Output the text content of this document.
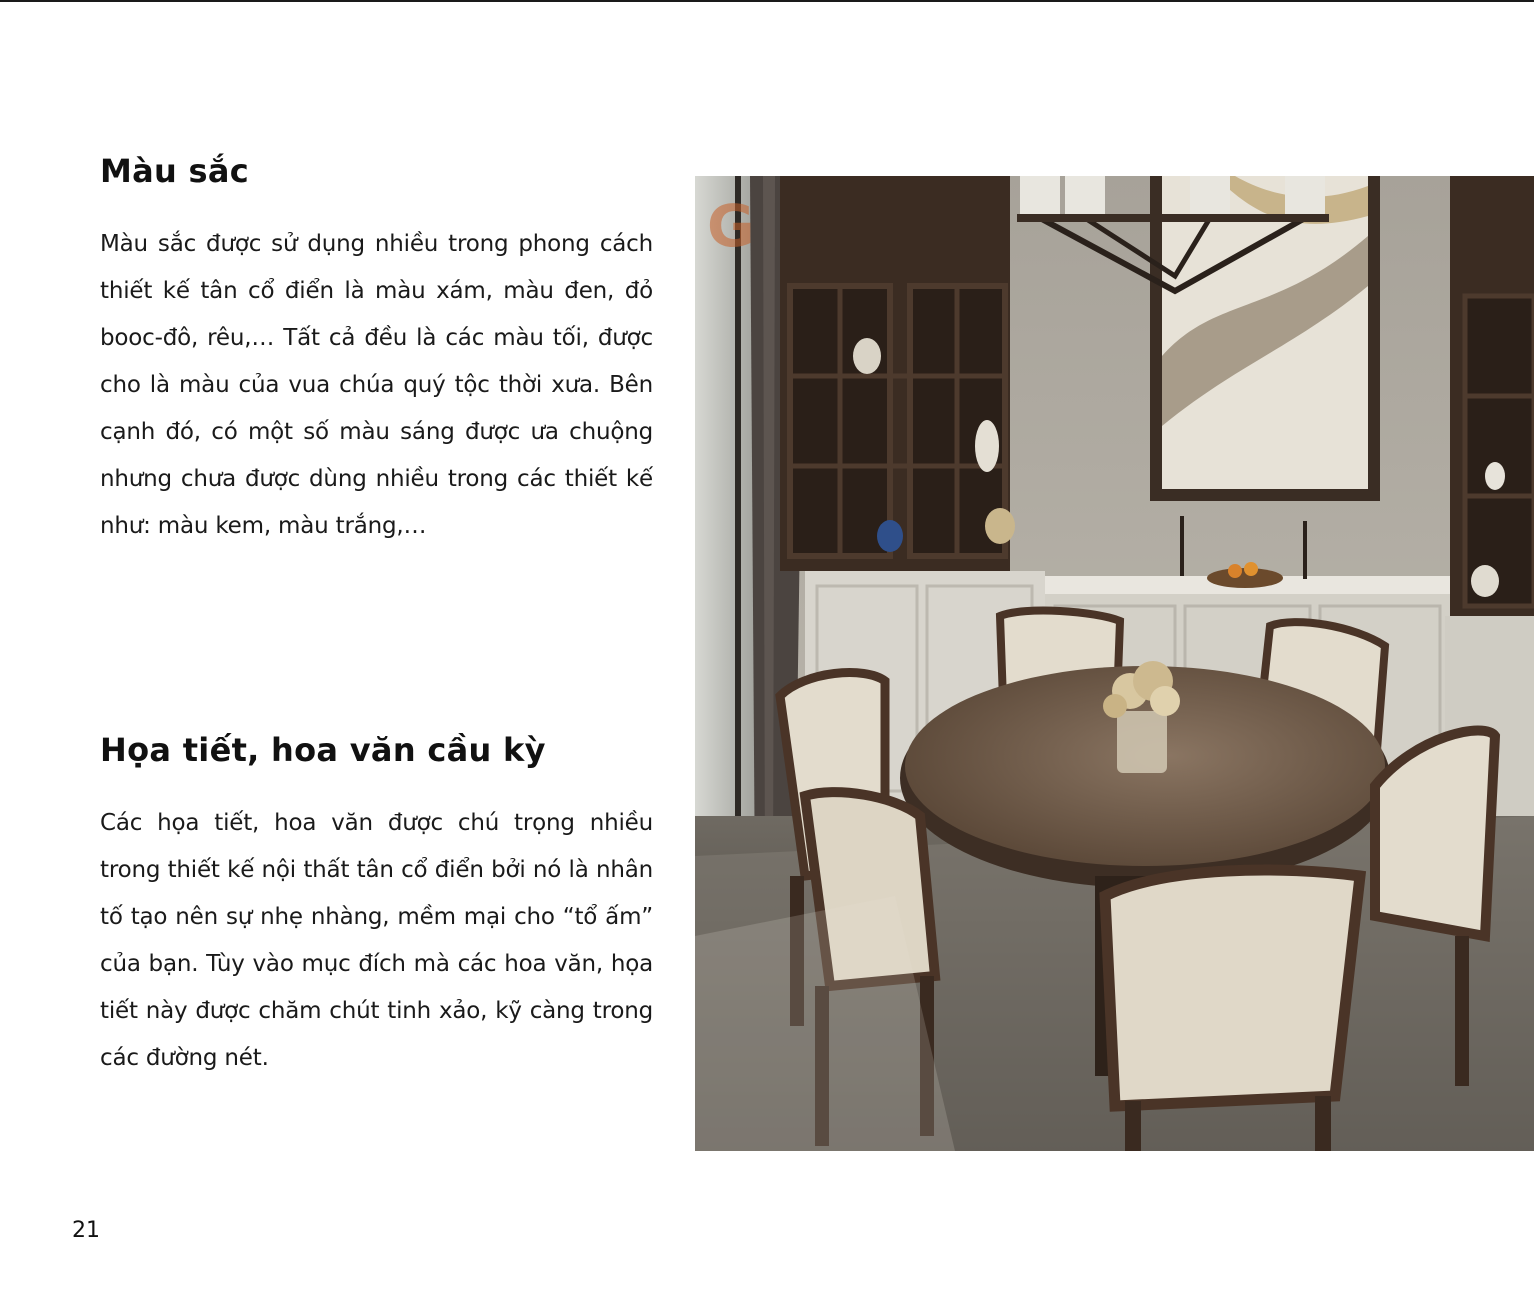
Màu sắc

Màu sắc được sử dụng nhiều trong phong cách thiết kế tân cổ điển là màu xám, màu đen, đỏ booc-đô, rêu,… Tất cả đều là các màu tối, được cho là màu của vua chúa quý tộc thời xưa. Bên cạnh đó, có một số màu sáng được ưa chuộng nhưng chưa được dùng nhiều trong các thiết kế như: màu kem, màu trắng,…

Họa tiết, hoa văn cầu kỳ

Các họa tiết, hoa văn được chú trọng nhiều trong thiết kế nội thất tân cổ điển bởi nó là nhân tố tạo nên sự nhẹ nhàng, mềm mại cho “tổ ấm” của bạn. Tùy vào mục đích mà các hoa văn, họa tiết này được chăm chút tinh xảo, kỹ càng trong các đường nét.

G
21
